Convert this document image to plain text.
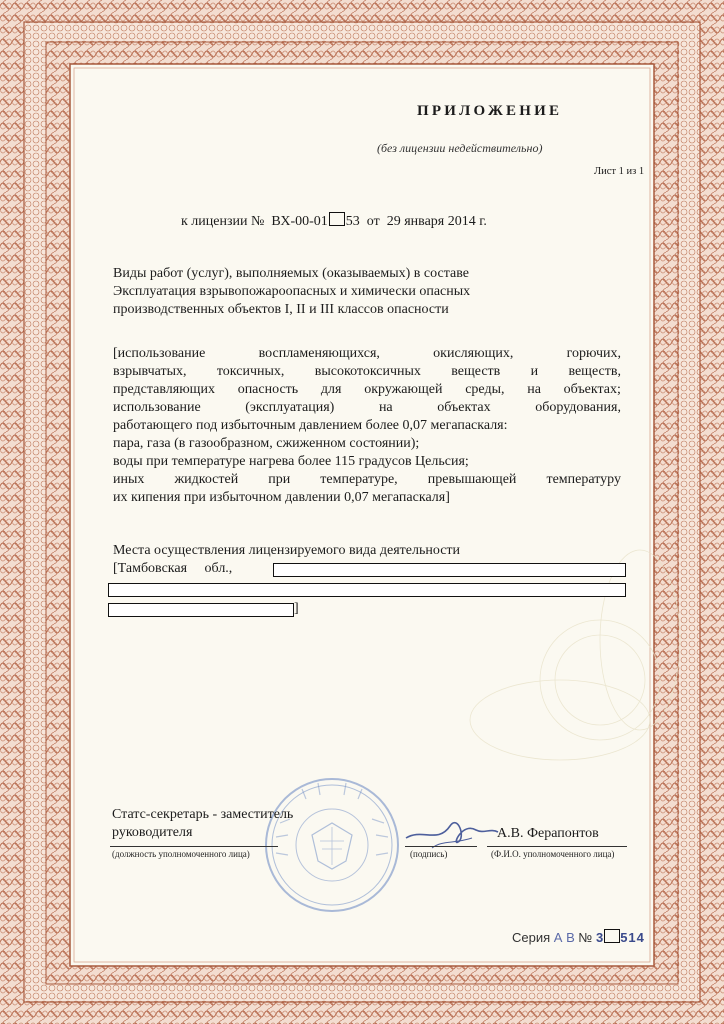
ПРИЛОЖЕНИЕ
(без лицензии недействительно)
Лист 1 из 1
к лицензии № ВХ-00-01 53 от 29 января 2014 г.
Виды работ (услуг), выполняемых (оказываемых) в составе
Эксплуатация взрывопожароопасных и химически опасных
производственных объектов I, II и III классов опасности
[использование	воспламеняющихся,	окисляющих,	горючих,
взрывчатых, токсичных, высокотоксичных веществ и веществ,
представляющих опасность для окружающей среды, на объектах;
использование	(эксплуатация)	на	объектах	оборудования,
работающего под избыточным давлением более 0,07 мегапаскаля:
пара, газа (в газообразном, сжиженном состоянии);
воды при температуре нагрева более 115 градусов Цельсия;
иных жидкостей при температуре, превышающей температуру
их кипения при избыточном давлении 0,07 мегапаскаля]
Места осуществления лицензируемого вида деятельности
[Тамбовская обл.,
]
Статс-секретарь - заместитель
руководителя	А.В. Ферапонтов
(должность уполномоченного лица)	(подпись)	(Ф.И.О. уполномоченного лица)
Серия А В № 3 514
